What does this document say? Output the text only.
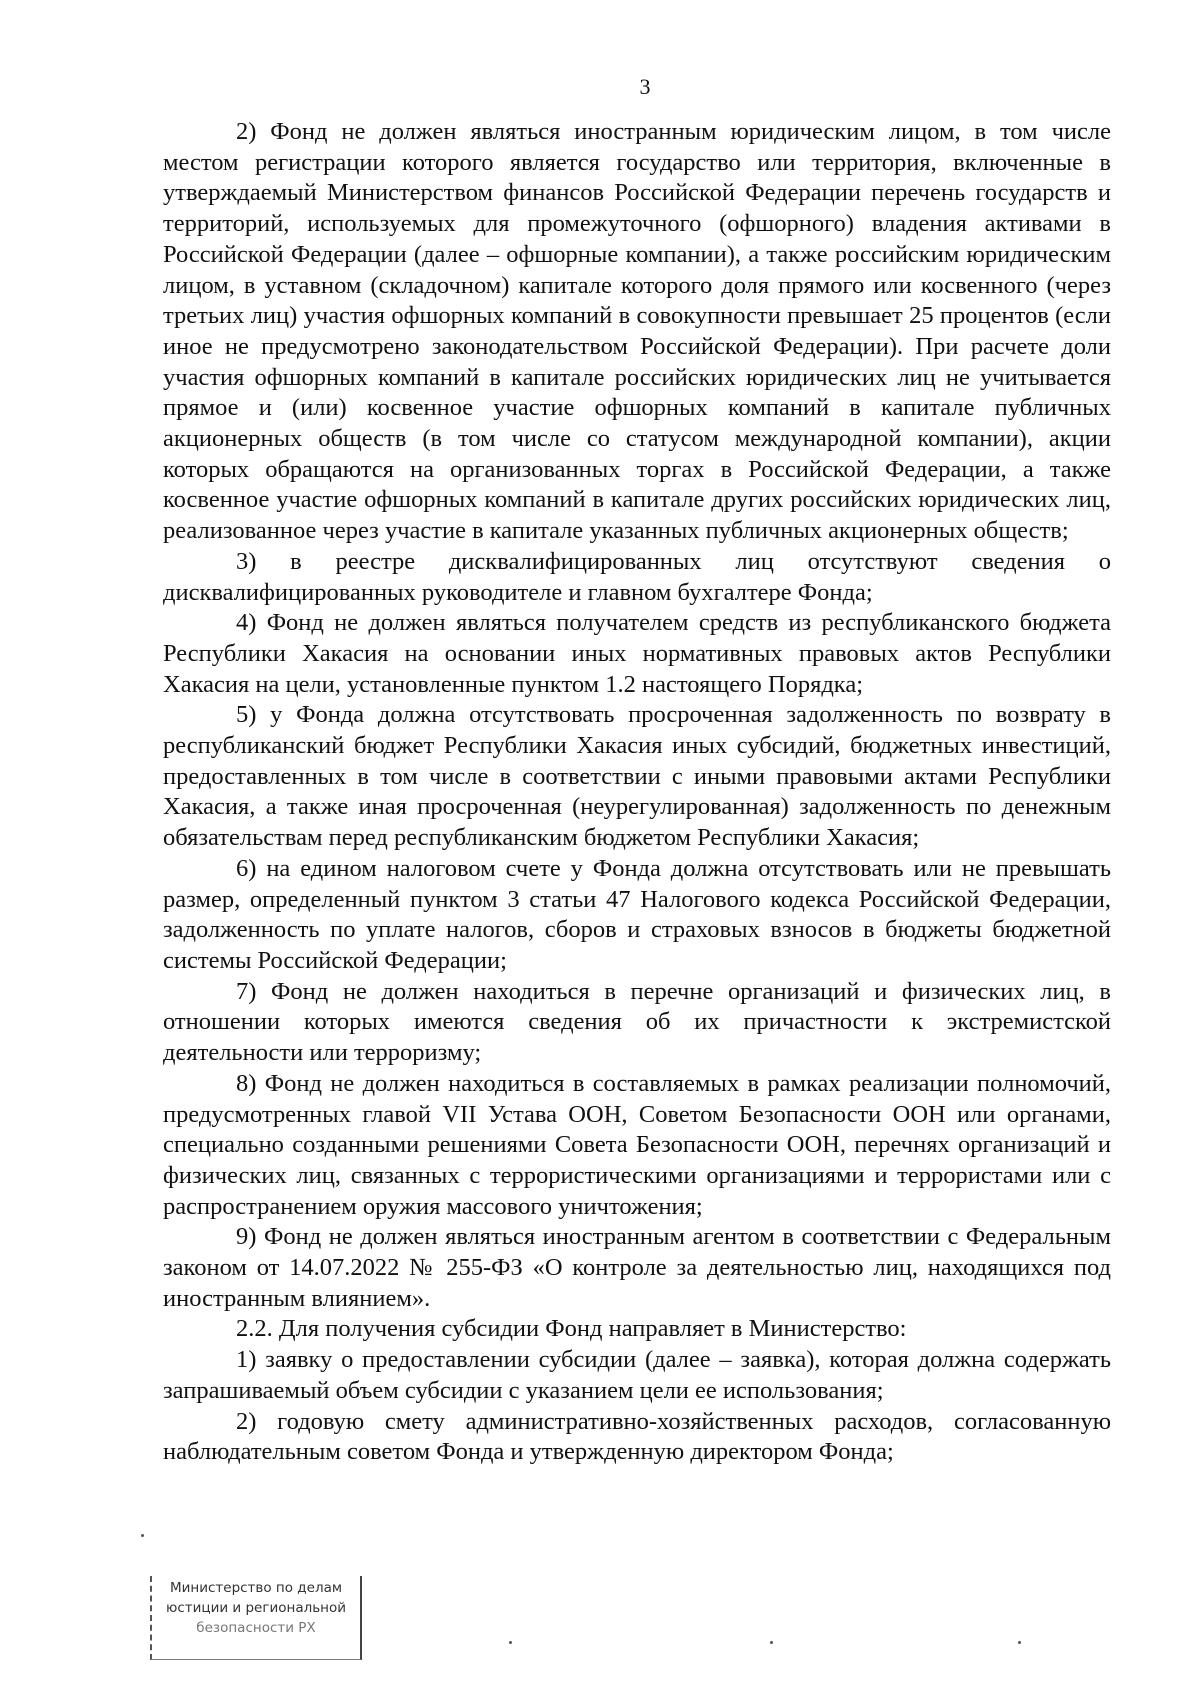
3

2) Фонд не должен являться иностранным юридическим лицом, в том числе местом регистрации которого является государство или территория, включенные в утверждаемый Министерством финансов Российской Федерации перечень государств и территорий, используемых для промежуточного (офшорного) владения активами в Российской Федерации (далее – офшорные компании), а также российским юридическим лицом, в уставном (складочном) капитале которого доля прямого или косвенного (через третьих лиц) участия офшорных компаний в совокупности превышает 25 процентов (если иное не предусмотрено законодательством Российской Федерации). При расчете доли участия офшорных компаний в капитале российских юридических лиц не учитывается прямое и (или) косвенное участие офшорных компаний в капитале публичных акционерных обществ (в том числе со статусом международной компании), акции которых обращаются на организованных торгах в Российской Федерации, а также косвенное участие офшорных компаний в капитале других российских юридических лиц, реализованное через участие в капитале указанных публичных акционерных обществ;

3) в реестре дисквалифицированных лиц отсутствуют сведения о дисквалифицированных руководителе и главном бухгалтере Фонда;

4) Фонд не должен являться получателем средств из республиканского бюджета Республики Хакасия на основании иных нормативных правовых актов Республики Хакасия на цели, установленные пунктом 1.2 настоящего Порядка;

5) у Фонда должна отсутствовать просроченная задолженность по возврату в республиканский бюджет Республики Хакасия иных субсидий, бюджетных инвестиций, предоставленных в том числе в соответствии с иными правовыми актами Республики Хакасия, а также иная просроченная (неурегулированная) задолженность по денежным обязательствам перед республиканским бюджетом Республики Хакасия;

6) на едином налоговом счете у Фонда должна отсутствовать или не превышать размер, определенный пунктом 3 статьи 47 Налогового кодекса Российской Федерации, задолженность по уплате налогов, сборов и страховых взносов в бюджеты бюджетной системы Российской Федерации;

7) Фонд не должен находиться в перечне организаций и физических лиц, в отношении которых имеются сведения об их причастности к экстремистской деятельности или терроризму;

8) Фонд не должен находиться в составляемых в рамках реализации полномочий, предусмотренных главой VII Устава ООН, Советом Безопасности ООН или органами, специально созданными решениями Совета Безопасности ООН, перечнях организаций и физических лиц, связанных с террористическими организациями и террористами или с распространением оружия массового уничтожения;

9) Фонд не должен являться иностранным агентом в соответствии с Федеральным законом от 14.07.2022 № 255-ФЗ «О контроле за деятельностью лиц, находящихся под иностранным влиянием».

2.2. Для получения субсидии Фонд направляет в Министерство:

1) заявку о предоставлении субсидии (далее – заявка), которая должна содержать запрашиваемый объем субсидии с указанием цели ее использования;

2) годовую смету административно-хозяйственных расходов, согласованную наблюдательным советом Фонда и утвержденную директором Фонда;

Министерство по делам
юстиции и региональной
безопасности РХ
